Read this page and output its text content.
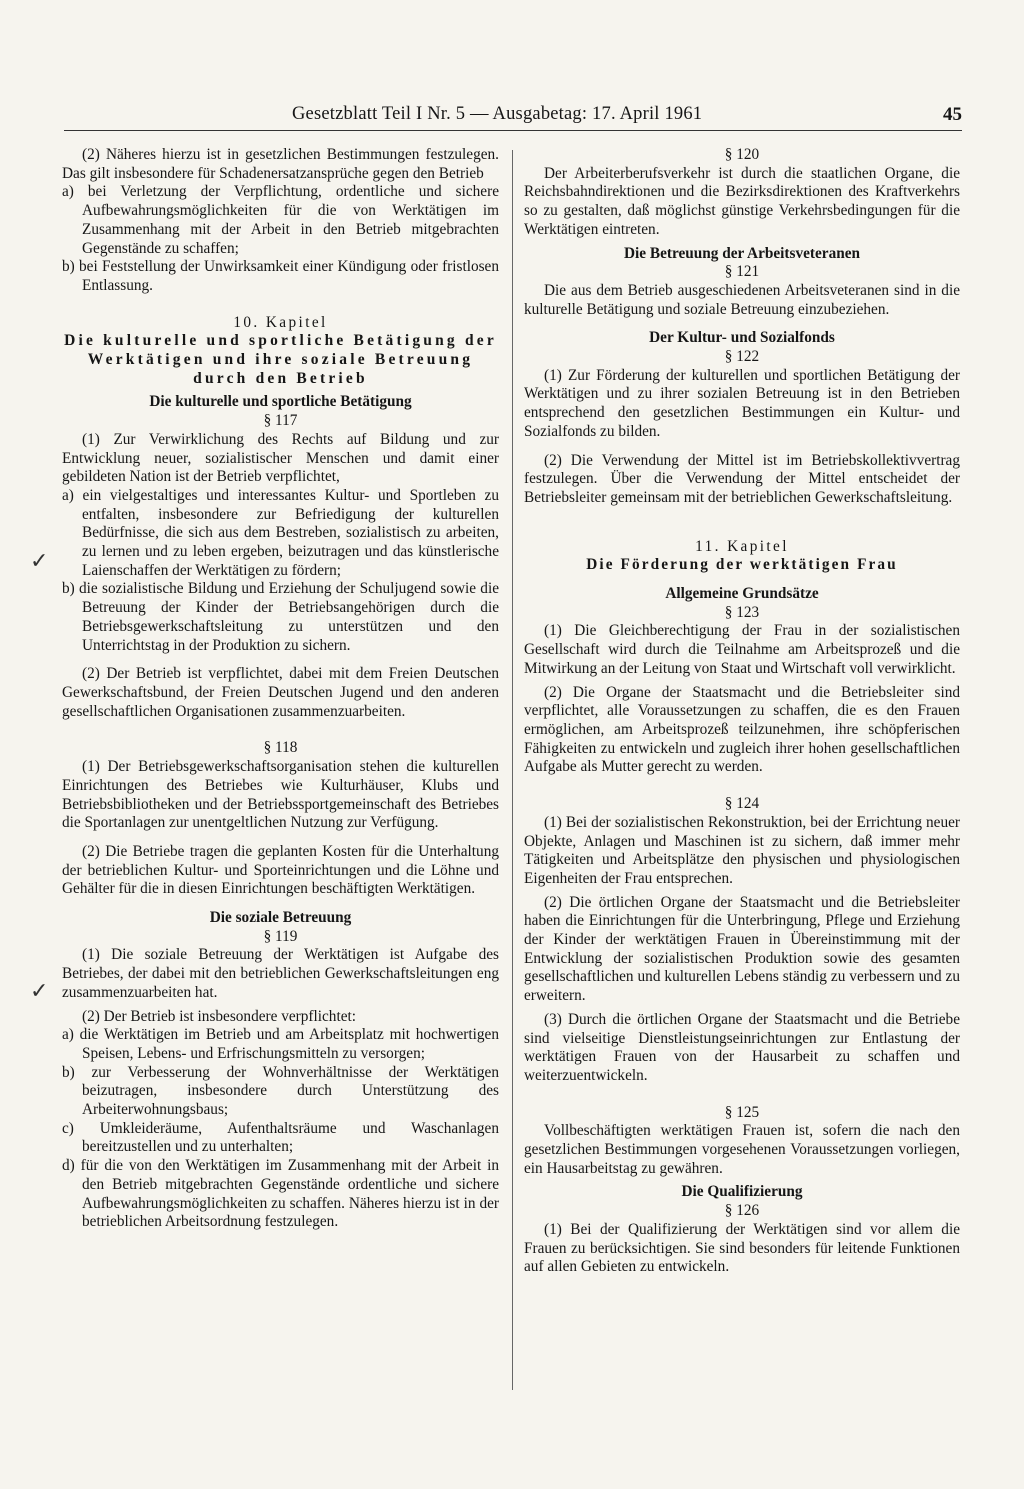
Gesetzblatt Teil I Nr. 5 — Ausgabetag: 17. April 1961	45
✓
✓

(2) Näheres hierzu ist in gesetzlichen Bestimmungen festzulegen. Das gilt insbesondere für Schadenersatzansprüche gegen den Betrieb

a) bei Verletzung der Verpflichtung, ordentliche und sichere Aufbewahrungsmöglichkeiten für die von Werktätigen im Zusammenhang mit der Arbeit in den Betrieb mitgebrachten Gegenstände zu schaffen;

b) bei Feststellung der Unwirksamkeit einer Kündigung oder fristlosen Entlassung.

10. Kapitel

Die kulturelle und sportliche Betätigung der Werktätigen und ihre soziale Betreuung durch den Betrieb

Die kulturelle und sportliche Betätigung

§ 117

(1) Zur Verwirklichung des Rechts auf Bildung und zur Entwicklung neuer, sozialistischer Menschen und damit einer gebildeten Nation ist der Betrieb verpflichtet,

a) ein vielgestaltiges und interessantes Kultur- und Sportleben zu entfalten, insbesondere zur Befriedigung der kulturellen Bedürfnisse, die sich aus dem Bestreben, sozialistisch zu arbeiten, zu lernen und zu leben ergeben, beizutragen und das künstlerische Laienschaffen der Werktätigen zu fördern;

b) die sozialistische Bildung und Erziehung der Schuljugend sowie die Betreuung der Kinder der Betriebsangehörigen durch die Betriebsgewerkschaftsleitung zu unterstützen und den Unterrichtstag in der Produktion zu sichern.

(2) Der Betrieb ist verpflichtet, dabei mit dem Freien Deutschen Gewerkschaftsbund, der Freien Deutschen Jugend und den anderen gesellschaftlichen Organisationen zusammenzuarbeiten.

§ 118

(1) Der Betriebsgewerkschaftsorganisation stehen die kulturellen Einrichtungen des Betriebes wie Kulturhäuser, Klubs und Betriebsbibliotheken und der Betriebssportgemeinschaft des Betriebes die Sportanlagen zur unentgeltlichen Nutzung zur Verfügung.

(2) Die Betriebe tragen die geplanten Kosten für die Unterhaltung der betrieblichen Kultur- und Sporteinrichtungen und die Löhne und Gehälter für die in diesen Einrichtungen beschäftigten Werktätigen.

Die soziale Betreuung

§ 119

(1) Die soziale Betreuung der Werktätigen ist Aufgabe des Betriebes, der dabei mit den betrieblichen Gewerkschaftsleitungen eng zusammenzuarbeiten hat.

(2) Der Betrieb ist insbesondere verpflichtet:

a) die Werktätigen im Betrieb und am Arbeitsplatz mit hochwertigen Speisen, Lebens- und Erfrischungsmitteln zu versorgen;

b) zur Verbesserung der Wohnverhältnisse der Werktätigen beizutragen, insbesondere durch Unterstützung des Arbeiterwohnungsbaus;

c) Umkleideräume, Aufenthaltsräume und Waschanlagen bereitzustellen und zu unterhalten;

d) für die von den Werktätigen im Zusammenhang mit der Arbeit in den Betrieb mitgebrachten Gegenstände ordentliche und sichere Aufbewahrungsmöglichkeiten zu schaffen. Näheres hierzu ist in der betrieblichen Arbeitsordnung festzulegen.

§ 120

Der Arbeiterberufsverkehr ist durch die staatlichen Organe, die Reichsbahndirektionen und die Bezirksdirektionen des Kraftverkehrs so zu gestalten, daß möglichst günstige Verkehrsbedingungen für die Werktätigen eintreten.

Die Betreuung der Arbeitsveteranen

§ 121

Die aus dem Betrieb ausgeschiedenen Arbeitsveteranen sind in die kulturelle Betätigung und soziale Betreuung einzubeziehen.

Der Kultur- und Sozialfonds

§ 122

(1) Zur Förderung der kulturellen und sportlichen Betätigung der Werktätigen und zu ihrer sozialen Betreuung ist in den Betrieben entsprechend den gesetzlichen Bestimmungen ein Kultur- und Sozialfonds zu bilden.

(2) Die Verwendung der Mittel ist im Betriebskollektivvertrag festzulegen. Über die Verwendung der Mittel entscheidet der Betriebsleiter gemeinsam mit der betrieblichen Gewerkschaftsleitung.

11. Kapitel

Die Förderung der werktätigen Frau

Allgemeine Grundsätze

§ 123

(1) Die Gleichberechtigung der Frau in der sozialistischen Gesellschaft wird durch die Teilnahme am Arbeitsprozeß und die Mitwirkung an der Leitung von Staat und Wirtschaft voll verwirklicht.

(2) Die Organe der Staatsmacht und die Betriebsleiter sind verpflichtet, alle Voraussetzungen zu schaffen, die es den Frauen ermöglichen, am Arbeitsprozeß teilzunehmen, ihre schöpferischen Fähigkeiten zu entwickeln und zugleich ihrer hohen gesellschaftlichen Aufgabe als Mutter gerecht zu werden.

§ 124

(1) Bei der sozialistischen Rekonstruktion, bei der Errichtung neuer Objekte, Anlagen und Maschinen ist zu sichern, daß immer mehr Tätigkeiten und Arbeitsplätze den physischen und physiologischen Eigenheiten der Frau entsprechen.

(2) Die örtlichen Organe der Staatsmacht und die Betriebsleiter haben die Einrichtungen für die Unterbringung, Pflege und Erziehung der Kinder der werktätigen Frauen in Übereinstimmung mit der Entwicklung der sozialistischen Produktion sowie des gesamten gesellschaftlichen und kulturellen Lebens ständig zu verbessern und zu erweitern.

(3) Durch die örtlichen Organe der Staatsmacht und die Betriebe sind vielseitige Dienstleistungseinrichtungen zur Entlastung der werktätigen Frauen von der Hausarbeit zu schaffen und weiterzuentwickeln.

§ 125

Vollbeschäftigten werktätigen Frauen ist, sofern die nach den gesetzlichen Bestimmungen vorgesehenen Voraussetzungen vorliegen, ein Hausarbeitstag zu gewähren.

Die Qualifizierung

§ 126

(1) Bei der Qualifizierung der Werktätigen sind vor allem die Frauen zu berücksichtigen. Sie sind besonders für leitende Funktionen auf allen Gebieten zu entwickeln.
